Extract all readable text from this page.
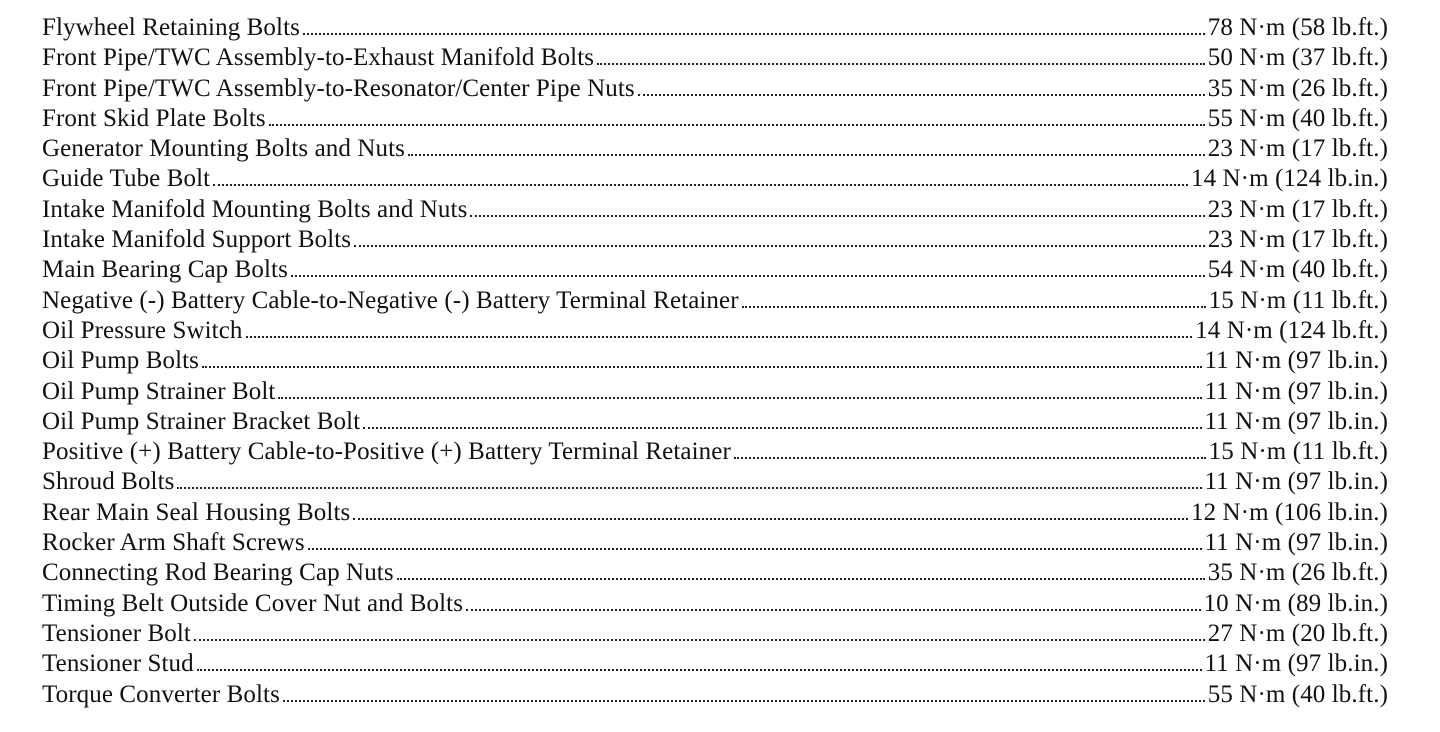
Flywheel Retaining Bolts	78 N·m (58 lb.ft.)
Front Pipe/TWC Assembly-to-Exhaust Manifold Bolts	50 N·m (37 lb.ft.)
Front Pipe/TWC Assembly-to-Resonator/Center Pipe Nuts	35 N·m (26 lb.ft.)
Front Skid Plate Bolts	55 N·m (40 lb.ft.)
Generator Mounting Bolts and Nuts	23 N·m (17 lb.ft.)
Guide Tube Bolt	14 N·m (124 lb.in.)
Intake Manifold Mounting Bolts and Nuts	23 N·m (17 lb.ft.)
Intake Manifold Support Bolts	23 N·m (17 lb.ft.)
Main Bearing Cap Bolts	54 N·m (40 lb.ft.)
Negative (-) Battery Cable-to-Negative (-) Battery Terminal Retainer	15 N·m (11 lb.ft.)
Oil Pressure Switch	14 N·m (124 lb.ft.)
Oil Pump Bolts	11 N·m (97 lb.in.)
Oil Pump Strainer Bolt	11 N·m (97 lb.in.)
Oil Pump Strainer Bracket Bolt	11 N·m (97 lb.in.)
Positive (+) Battery Cable-to-Positive (+) Battery Terminal Retainer	15 N·m (11 lb.ft.)
Shroud Bolts	11 N·m (97 lb.in.)
Rear Main Seal Housing Bolts	12 N·m (106 lb.in.)
Rocker Arm Shaft Screws	11 N·m (97 lb.in.)
Connecting Rod Bearing Cap Nuts	35 N·m (26 lb.ft.)
Timing Belt Outside Cover Nut and Bolts	10 N·m (89 lb.in.)
Tensioner Bolt	27 N·m (20 lb.ft.)
Tensioner Stud	11 N·m (97 lb.in.)
Torque Converter Bolts	55 N·m (40 lb.ft.)
